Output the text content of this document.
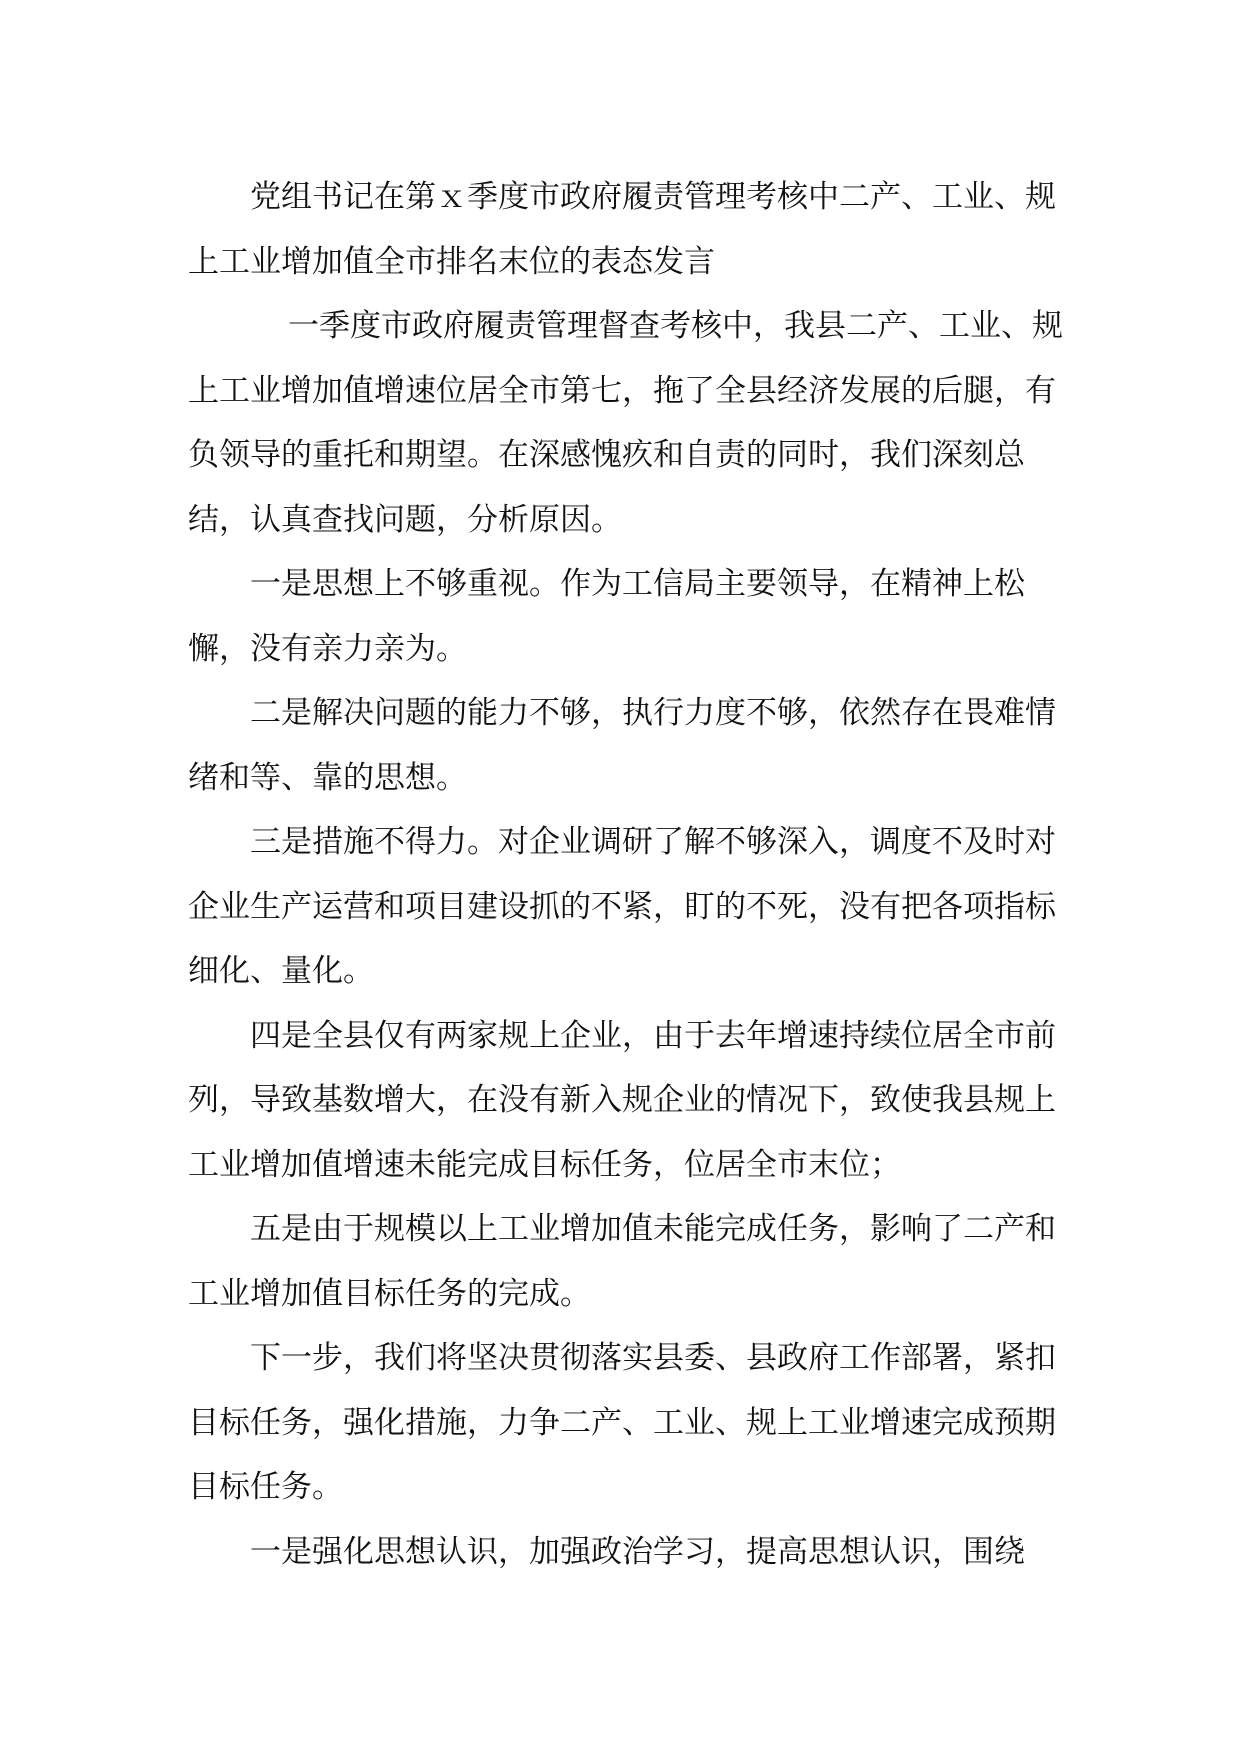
党组书记在第ｘ季度市政府履责管理考核中二产、工业、规上工业增加值全市排名末位的表态发言

一季度市政府履责管理督查考核中，我县二产、工业、规上工业增加值增速位居全市第七，拖了全县经济发展的后腿，有负领导的重托和期望。在深感愧疚和自责的同时，我们深刻总结，认真查找问题，分析原因。

一是思想上不够重视。作为工信局主要领导，在精神上松懈，没有亲力亲为。

二是解决问题的能力不够，执行力度不够，依然存在畏难情绪和等、靠的思想。

三是措施不得力。对企业调研了解不够深入，调度不及时对企业生产运营和项目建设抓的不紧，盯的不死，没有把各项指标细化、量化。

四是全县仅有两家规上企业，由于去年增速持续位居全市前列，导致基数增大，在没有新入规企业的情况下，致使我县规上工业增加值增速未能完成目标任务，位居全市末位；

五是由于规模以上工业增加值未能完成任务，影响了二产和工业增加值目标任务的完成。

下一步，我们将坚决贯彻落实县委、县政府工作部署，紧扣目标任务，强化措施，力争二产、工业、规上工业增速完成预期目标任务。

一是强化思想认识，加强政治学习，提高思想认识，围绕
